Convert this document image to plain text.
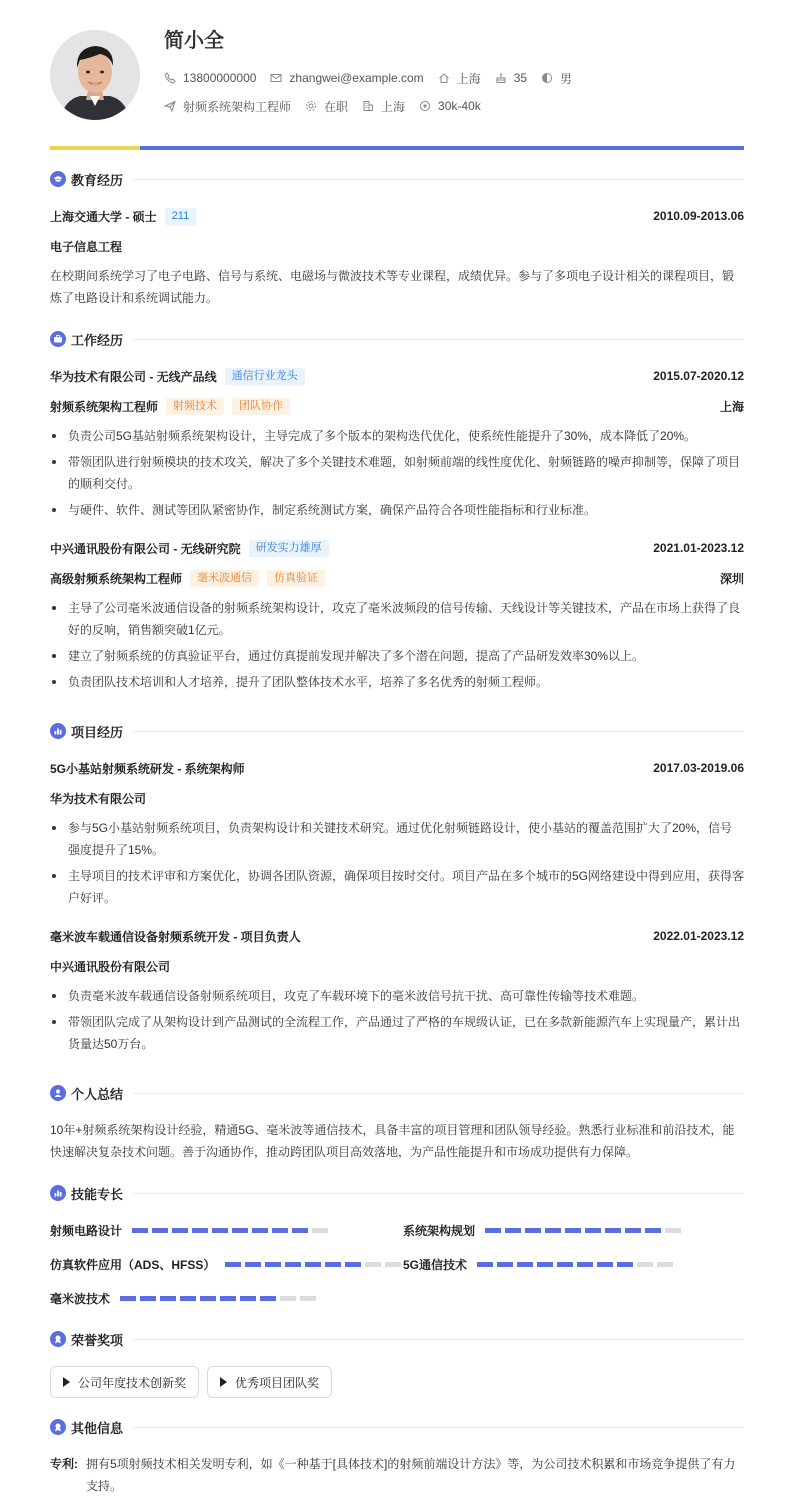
简小全
13800000000	zhangwei@example.com	上海	35	男
射频系统架构工程师	在职	上海	30k-40k
教育经历
上海交通大学 - 硕士	211	2010.09-2013.06
电子信息工程
在校期间系统学习了电子电路、信号与系统、电磁场与微波技术等专业课程，成绩优异。参与了多项电子设计相关的课程项目，锻炼了电路设计和系统调试能力。
工作经历
华为技术有限公司 - 无线产品线	通信行业龙头	2015.07-2020.12
射频系统架构工程师	射频技术	团队协作	上海
负责公司5G基站射频系统架构设计，主导完成了多个版本的架构迭代优化，使系统性能提升了30%，成本降低了20%。
带领团队进行射频模块的技术攻关，解决了多个关键技术难题，如射频前端的线性度优化、射频链路的噪声抑制等，保障了项目的顺利交付。
与硬件、软件、测试等团队紧密协作，制定系统测试方案，确保产品符合各项性能指标和行业标准。
中兴通讯股份有限公司 - 无线研究院	研发实力雄厚	2021.01-2023.12
高级射频系统架构工程师	毫米波通信	仿真验证	深圳
主导了公司毫米波通信设备的射频系统架构设计，攻克了毫米波频段的信号传输、天线设计等关键技术，产品在市场上获得了良好的反响，销售额突破1亿元。
建立了射频系统的仿真验证平台，通过仿真提前发现并解决了多个潜在问题，提高了产品研发效率30%以上。
负责团队技术培训和人才培养，提升了团队整体技术水平，培养了多名优秀的射频工程师。
项目经历
5G小基站射频系统研发 - 系统架构师	2017.03-2019.06
华为技术有限公司
参与5G小基站射频系统项目，负责架构设计和关键技术研究。通过优化射频链路设计，使小基站的覆盖范围扩大了20%，信号强度提升了15%。
主导项目的技术评审和方案优化，协调各团队资源，确保项目按时交付。项目产品在多个城市的5G网络建设中得到应用，获得客户好评。
毫米波车载通信设备射频系统开发 - 项目负责人	2022.01-2023.12
中兴通讯股份有限公司
负责毫米波车载通信设备射频系统项目，攻克了车载环境下的毫米波信号抗干扰、高可靠性传输等技术难题。
带领团队完成了从架构设计到产品测试的全流程工作，产品通过了严格的车规级认证，已在多款新能源汽车上实现量产，累计出货量达50万台。
个人总结
10年+射频系统架构设计经验，精通5G、毫米波等通信技术，具备丰富的项目管理和团队领导经验。熟悉行业标准和前沿技术，能快速解决复杂技术问题。善于沟通协作，推动跨团队项目高效落地，为产品性能提升和市场成功提供有力保障。
技能专长
射频电路设计	系统架构规划
仿真软件应用（ADS、HFSS）	5G通信技术
毫米波技术
荣誉奖项
公司年度技术创新奖	优秀项目团队奖
其他信息
专利: 拥有5项射频技术相关发明专利，如《一种基于[具体技术]的射频前端设计方法》等，为公司技术积累和市场竞争提供了有力支持。
